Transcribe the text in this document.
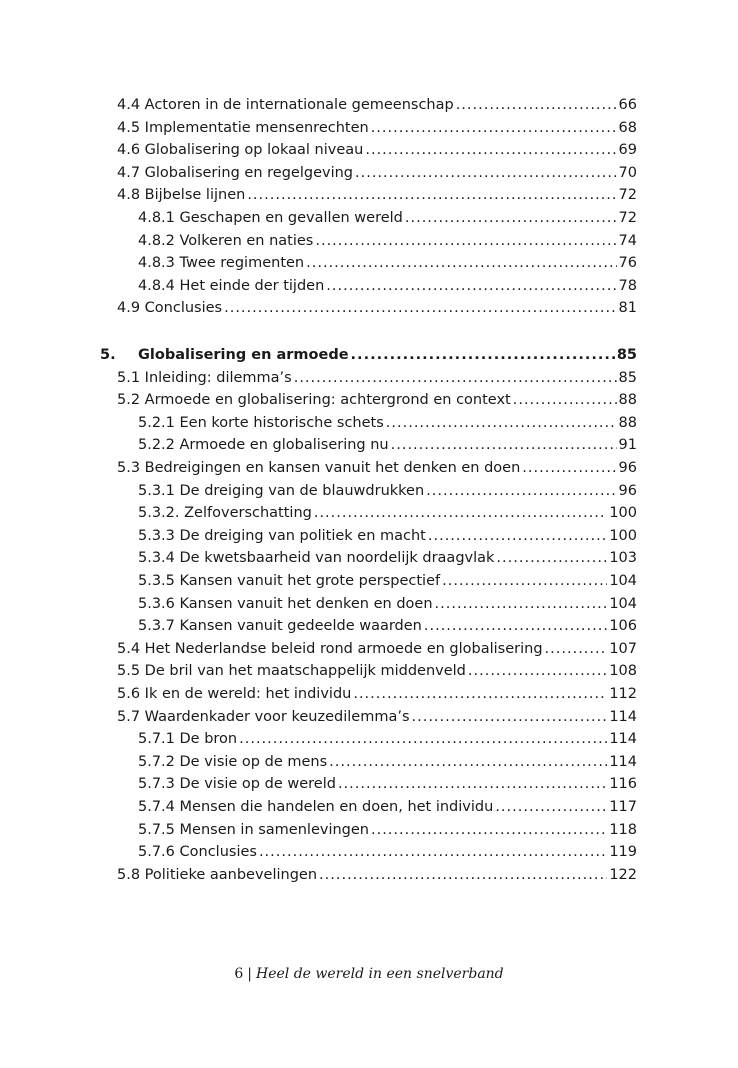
4.4 Actoren in de internationale gemeenschap .....	66
4.5 Implementatie mensenrechten .....	68
4.6 Globalisering op lokaal niveau .....	69
4.7 Globalisering en regelgeving .....	70
4.8 Bijbelse lijnen .....	72
4.8.1 Geschapen en gevallen wereld .....	72
4.8.2 Volkeren en naties .....	74
4.8.3 Twee regimenten .....	76
4.8.4 Het einde der tijden .....	78
4.9 Conclusies .....	81
5. Globalisering en armoede .....	85
5.1 Inleiding: dilemma’s .....	85
5.2 Armoede en globalisering: achtergrond en context .....	88
5.2.1 Een korte historische schets .....	88
5.2.2 Armoede en globalisering nu .....	91
5.3 Bedreigingen en kansen vanuit het denken en doen .....	96
5.3.1 De dreiging van de blauwdrukken .....	96
5.3.2. Zelfoverschatting .....	100
5.3.3 De dreiging van politiek en macht .....	100
5.3.4 De kwetsbaarheid van noordelijk draagvlak .....	103
5.3.5 Kansen vanuit het grote perspectief .....	104
5.3.6 Kansen vanuit het denken en doen .....	104
5.3.7 Kansen vanuit gedeelde waarden .....	106
5.4 Het Nederlandse beleid rond armoede en globalisering .....	107
5.5 De bril van het maatschappelijk middenveld .....	108
5.6 Ik en de wereld: het individu .....	112
5.7 Waardenkader voor keuzedilemma’s .....	114
5.7.1 De bron .....	114
5.7.2 De visie op de mens .....	114
5.7.3 De visie op de wereld .....	116
5.7.4 Mensen die handelen en doen, het individu .....	117
5.7.5 Mensen in samenlevingen .....	118
5.7.6 Conclusies .....	119
5.8 Politieke aanbevelingen .....	122
6 | Heel de wereld in een snelverband
